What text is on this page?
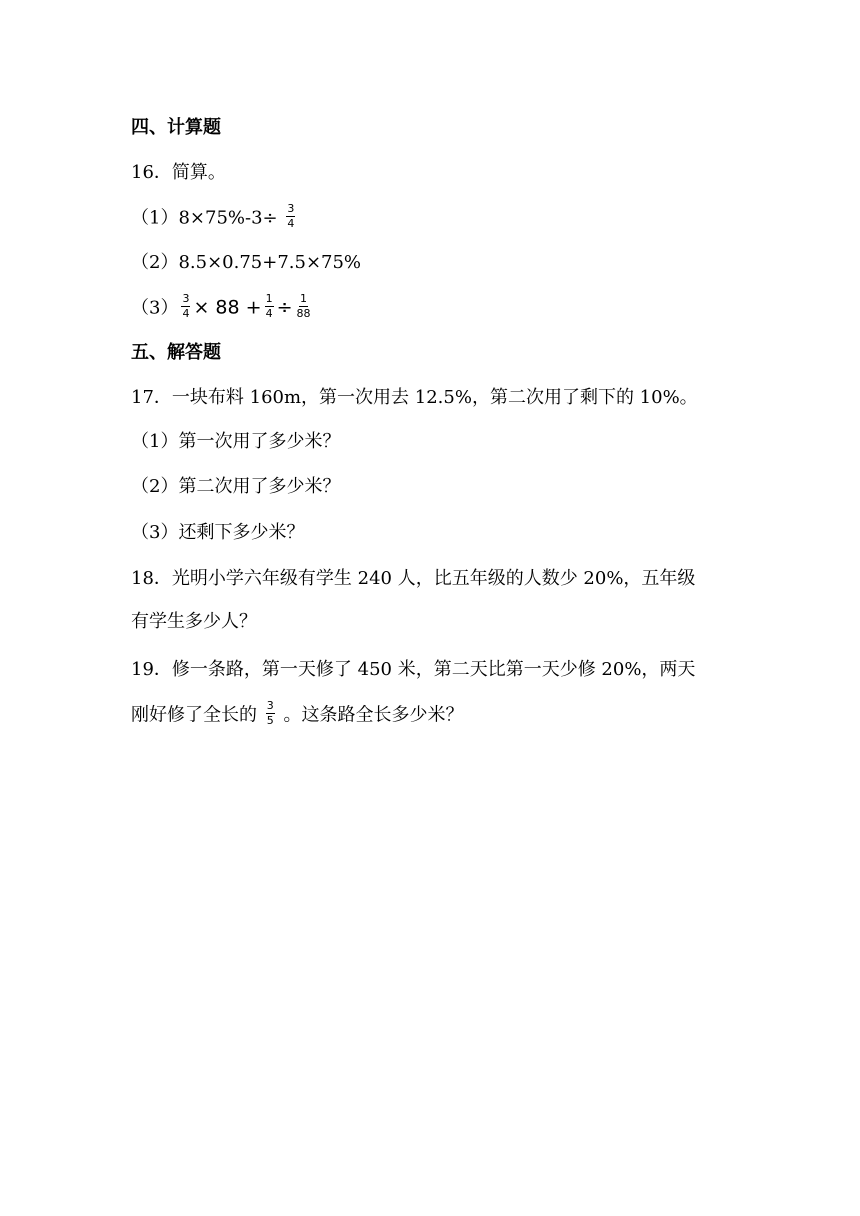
四、计算题
16．简算。
$(1)8\times 75\%-3\div \frac{3}{4}$
（2）8.5×0.75+7.5×75%
$(3) \frac{3}{4} \times 88 + \frac{1}{4} \div \frac{1}{88}$
五、解答题
17．一块布料 160m，第一次用去 12.5%，第二次用了剩下的 10%。
（1）第一次用了多少米？
（2）第二次用了多少米？
（3）还剩下多少米？
18．光明小学六年级有学生 240 人，比五年级的人数少 20%，五年级
有学生多少人？
19．修一条路，第一天修了 450 米，第二天比第一天少修 20%，两天
刚好修了全长的 $\frac{3}{5}$ 。这条路全长多少米？
